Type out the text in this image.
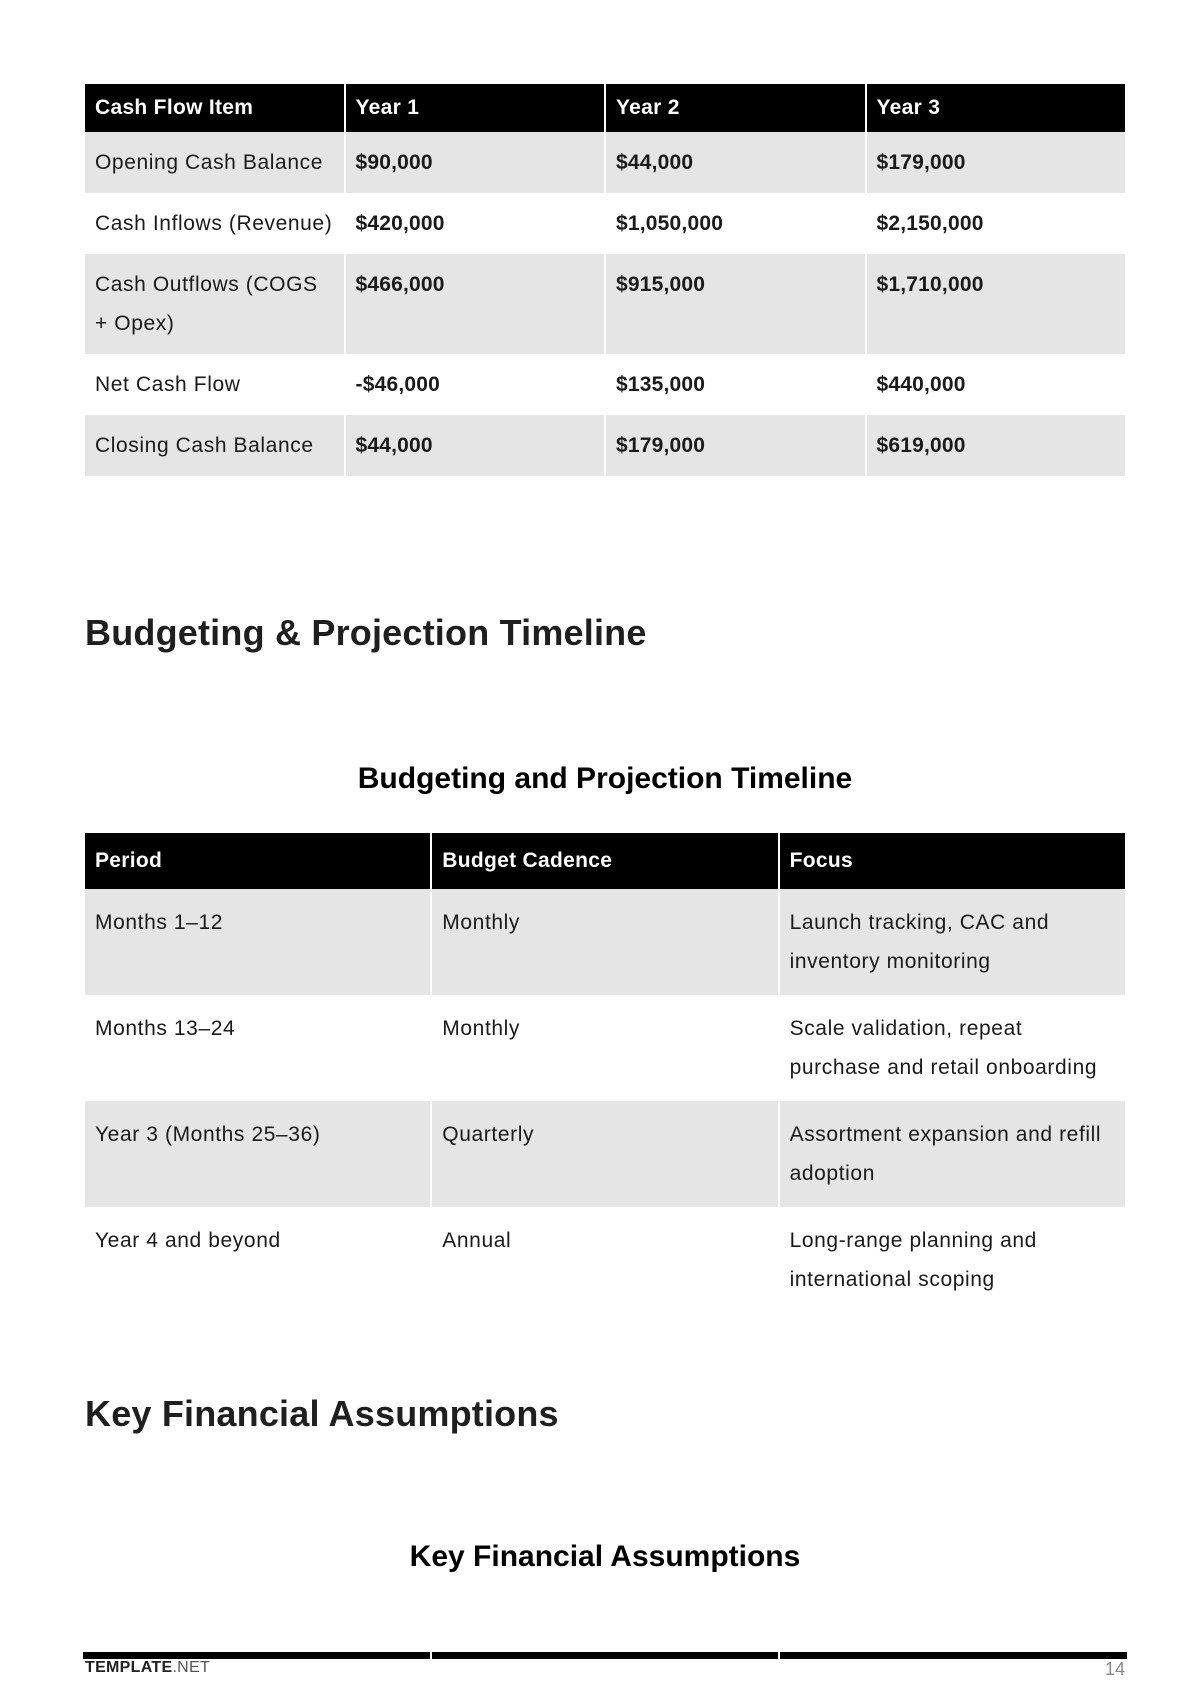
Cash Flow Item	Year 1	Year 2	Year 3
Opening Cash Balance	$90,000	$44,000	$179,000
Cash Inflows (Revenue)	$420,000	$1,050,000	$2,150,000
Cash Outflows (COGS + Opex)	$466,000	$915,000	$1,710,000
Net Cash Flow	-$46,000	$135,000	$440,000
Closing Cash Balance	$44,000	$179,000	$619,000
Budgeting & Projection Timeline
Budgeting and Projection Timeline
Period	Budget Cadence	Focus
Months 1–12	Monthly	Launch tracking, CAC and inventory monitoring
Months 13–24	Monthly	Scale validation, repeat purchase and retail onboarding
Year 3 (Months 25–36)	Quarterly	Assortment expansion and refill adoption
Year 4 and beyond	Annual	Long-range planning and international scoping
Key Financial Assumptions
Key Financial Assumptions
TEMPLATE.NET	14
